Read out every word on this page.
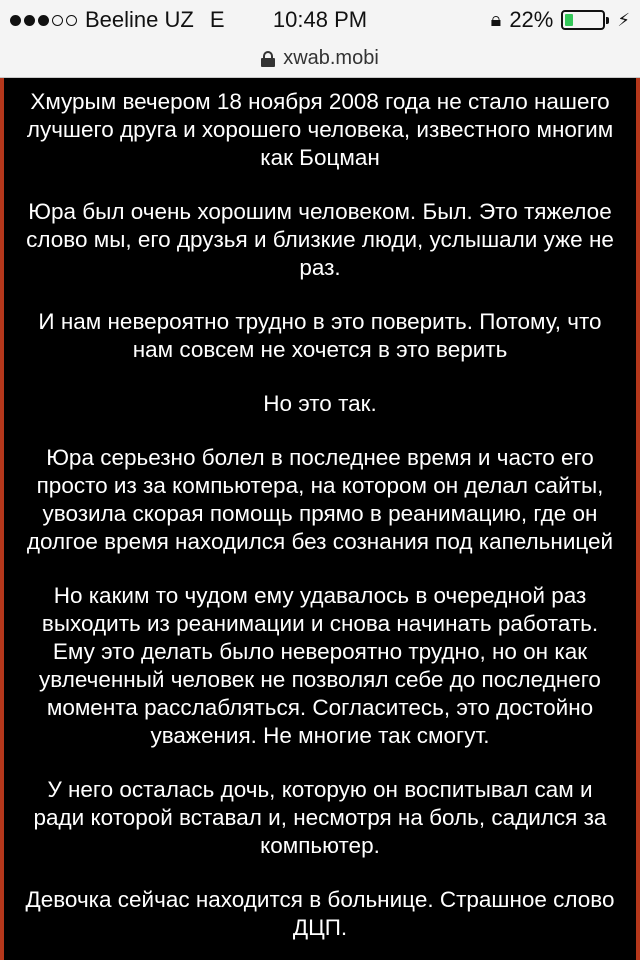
Beeline UZ E	10:48 PM	🔒︎ 22%	⚡︎
xwab.mobi

Хмурым вечером 18 ноября 2008 года не стало нашего лучшего друга и хорошего человека, известного многим как Боцман

Юра был очень хорошим человеком. Был. Это тяжелое слово мы, его друзья и близкие люди, услышали уже не раз.

И нам невероятно трудно в это поверить. Потому, что нам совсем не хочется в это верить

Но это так.

Юра серьезно болел в последнее время и часто его просто из за компьютера, на котором он делал сайты, увозила скорая помощь прямо в реанимацию, где он долгое время находился без сознания под капельницей

Но каким то чудом ему удавалось в очередной раз выходить из реанимации и снова начинать работать. Ему это делать было невероятно трудно, но он как увлеченный человек не позволял себе до последнего момента расслабляться. Согласитесь, это достойно уважения. Не многие так смогут.

У него осталась дочь, которую он воспитывал сам и ради которой вставал и, несмотря на боль, садился за компьютер.

Девочка сейчас находится в больнице. Страшное слово ДЦП.
